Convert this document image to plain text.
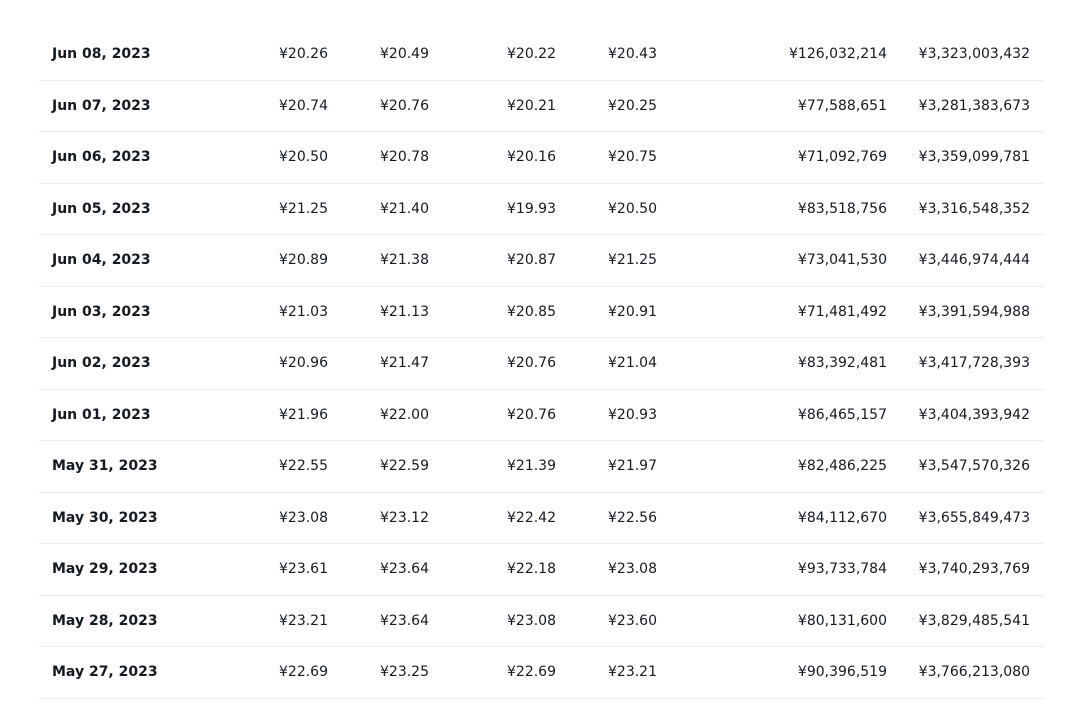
Jun 08, 2023	¥20.26	¥20.49	¥20.22	¥20.43	¥126,032,214 ¥3,323,003,432
Jun 07, 2023	¥20.74	¥20.76	¥20.21	¥20.25	¥77,588,651 ¥3,281,383,673
Jun 06, 2023	¥20.50	¥20.78	¥20.16	¥20.75	¥71,092,769 ¥3,359,099,781
Jun 05, 2023	¥21.25	¥21.40	¥19.93	¥20.50	¥83,518,756 ¥3,316,548,352
Jun 04, 2023	¥20.89	¥21.38	¥20.87	¥21.25	¥73,041,530 ¥3,446,974,444
Jun 03, 2023	¥21.03	¥21.13	¥20.85	¥20.91	¥71,481,492 ¥3,391,594,988
Jun 02, 2023	¥20.96	¥21.47	¥20.76	¥21.04	¥83,392,481 ¥3,417,728,393
Jun 01, 2023	¥21.96	¥22.00	¥20.76	¥20.93	¥86,465,157 ¥3,404,393,942
May 31, 2023	¥22.55	¥22.59	¥21.39	¥21.97	¥82,486,225 ¥3,547,570,326
May 30, 2023	¥23.08	¥23.12	¥22.42	¥22.56	¥84,112,670 ¥3,655,849,473
May 29, 2023	¥23.61	¥23.64	¥22.18	¥23.08	¥93,733,784 ¥3,740,293,769
May 28, 2023	¥23.21	¥23.64	¥23.08	¥23.60	¥80,131,600 ¥3,829,485,541
May 27, 2023	¥22.69	¥23.25	¥22.69	¥23.21	¥90,396,519 ¥3,766,213,080
